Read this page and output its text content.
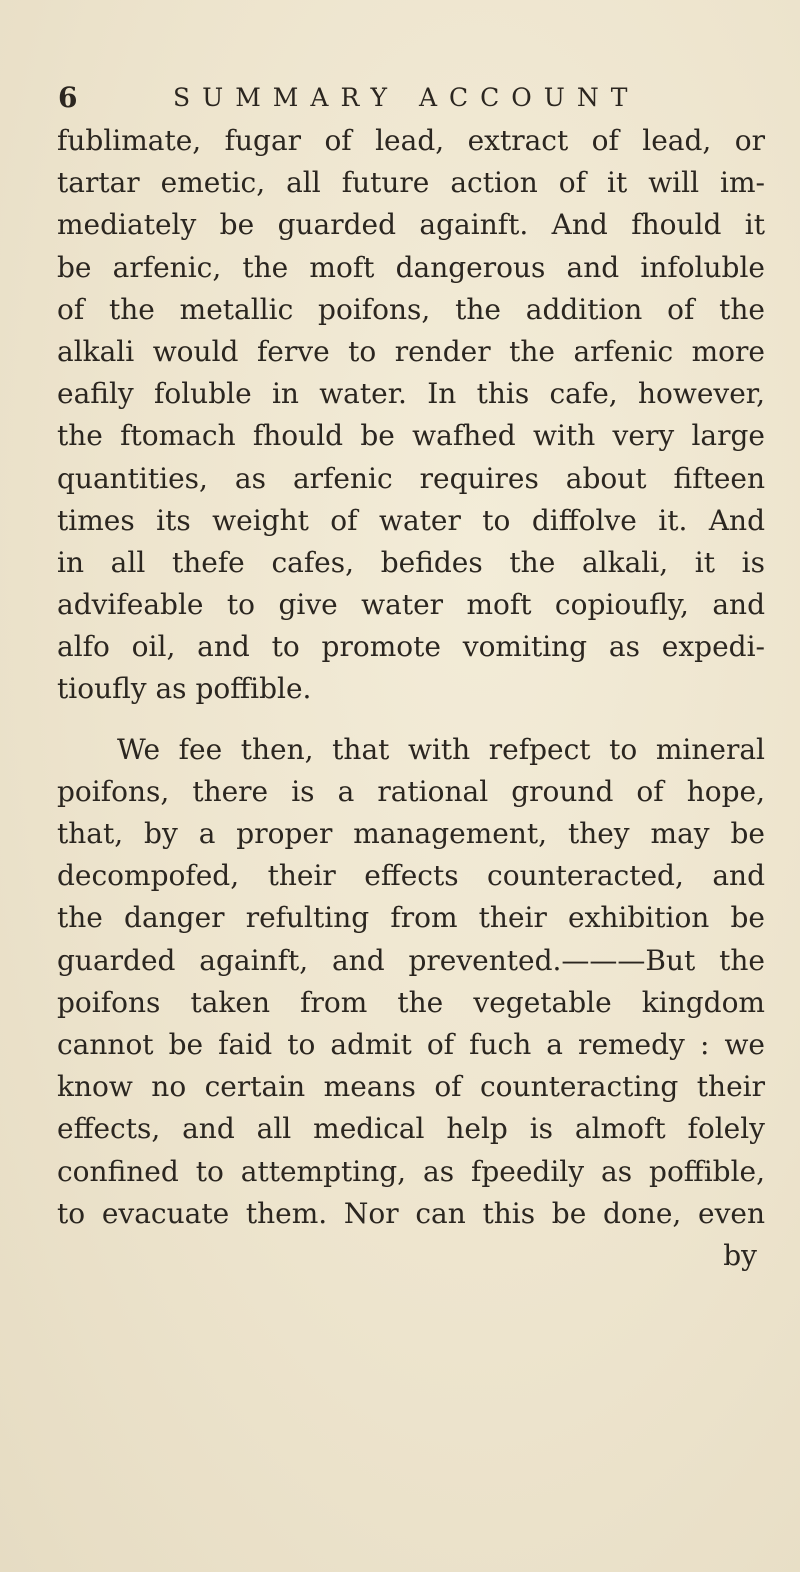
6	SUMMARY ACCOUNT
fublimate, fugar of lead, extract of lead, or
tartar emetic, all future action of it will im-
mediately be guarded againft. And fhould it
be arfenic, the moft dangerous and infoluble
of the metallic poifons, the addition of the
alkali would ferve to render the arfenic more
eafily foluble in water. In this cafe, however,
the ftomach fhould be wafhed with very large
quantities, as arfenic requires about fifteen
times its weight of water to diffolve it. And
in all thefe cafes, befides the alkali, it is
advifeable to give water moft copioufly, and
alfo oil, and to promote vomiting as expedi-
tioufly as poffible.
We fee then, that with refpect to mineral
poifons, there is a rational ground of hope,
that, by a proper management, they may be
decompofed, their effects counteracted, and
the danger refulting from their exhibition be
guarded againft, and prevented.———But the
poifons taken from the vegetable kingdom
cannot be faid to admit of fuch a remedy : we
know no certain means of counteracting their
effects, and all medical help is almoft folely
confined to attempting, as fpeedily as poffible,
to evacuate them. Nor can this be done, even
by
